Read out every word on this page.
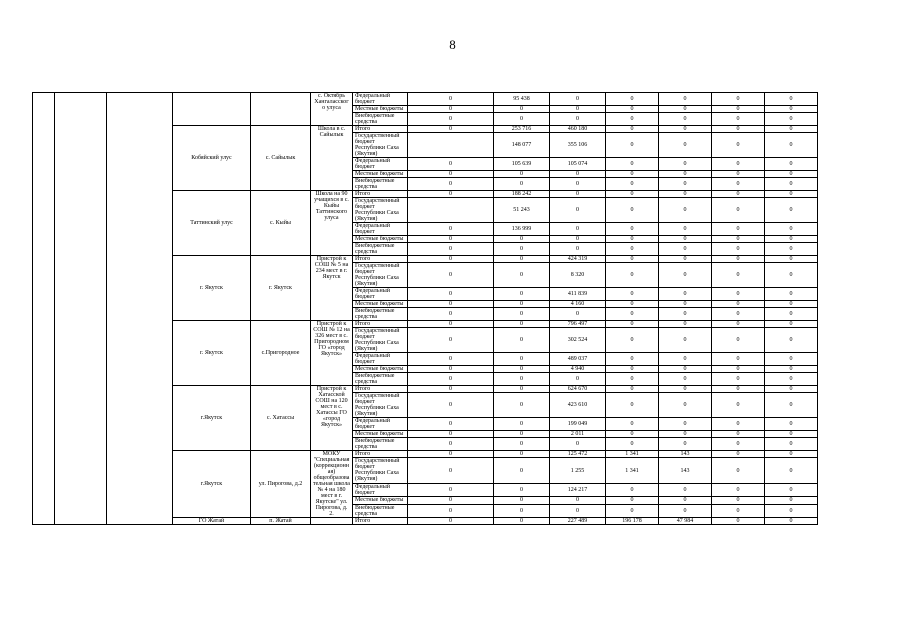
8
					с. Октябрь Хангаласского улуса	Федеральный бюджет	0	95 438	0	0	0	0	0
						Местные бюджеты	0	0	0	0	0	0	0
						Внебюджетные средства	0	0	0	0	0	0	0
			Кобяйский улус	с. Сайылык	Школа в с. Сайылык	Итого	0	253 716	460 180	0	0	0	0
						Государственный бюджет Республики Саха (Якутия)		148 077	355 106	0	0	0	0
						Федеральный бюджет	0	105 639	105 074	0	0	0	0
						Местные бюджеты	0	0	0	0	0	0	0
						Внебюджетные средства	0	0	0	0	0	0	0
			Таттинский улус	с. Кыйы	Школа на 90 учащихся в с. Кыйы Таттинского улуса	Итого	0	188 242	0	0	0	0	0
						Государственный бюджет Республики Саха (Якутия)		51 243	0	0	0	0	0
						Федеральный бюджет	0	136 999	0	0	0	0	0
						Местные бюджеты	0	0	0	0	0	0	0
						Внебюджетные средства	0	0	0	0	0	0	0
			г. Якутск	г. Якутск	Пристрой к СОШ № 5 на 234 мест в г. Якутск	Итого	0	0	424 319	0	0	0	0
						Государственный бюджет Республики Саха (Якутия)	0	0	8 320	0	0	0	0
						Федеральный бюджет	0	0	411 839	0	0	0	0
						Местные бюджеты	0	0	4 160	0	0	0	0
						Внебюджетные средства	0	0	0	0	0	0	0
			г. Якутск	с.Пригородное	Пристрой к СОШ № 12 на 326 мест в с. Пригородном ГО «город Якутск»	Итого	0	0	796 497	0	0	0	0
						Государственный бюджет Республики Саха (Якутия)	0	0	302 524	0	0	0	0
						Федеральный бюджет	0	0	489 037	0	0	0	0
						Местные бюджеты	0	0	4 940	0	0	0	0
						Внебюджетные средства	0	0	0	0	0	0	0
			г.Якутск	с. Хатассы	Пристрой к Хатасской СОШ на 120 мест в с. Хатассы ГО «город Якутск»	Итого	0	0	624 670	0	0	0	0
						Государственный бюджет Республики Саха (Якутия)	0	0	423 610	0	0	0	0
						Федеральный бюджет	0	0	199 049	0	0	0	0
						Местные бюджеты	0	0	2 011	0	0	0	0
						Внебюджетные средства	0	0	0	0	0	0	0
			г.Якутск	ул. Пирогова, д.2	МОКУ "Специальная (коррекционная) общеобразовательная школа № 4 на 180 мест в г. Якутске" ул. Пирогова, д. 2.	Итого	0	0	125 472	1 341	143	0	0
						Государственный бюджет Республики Саха (Якутия)	0	0	1 255	1 341	143	0	0
						Федеральный бюджет	0	0	124 217	0	0	0	0
						Местные бюджеты	0	0	0	0	0	0	0
						Внебюджетные средства	0	0	0	0	0	0	0
			ГО Жатай	п. Жатай		Итого	0	0	227 489	196 178	47 984	0	0
